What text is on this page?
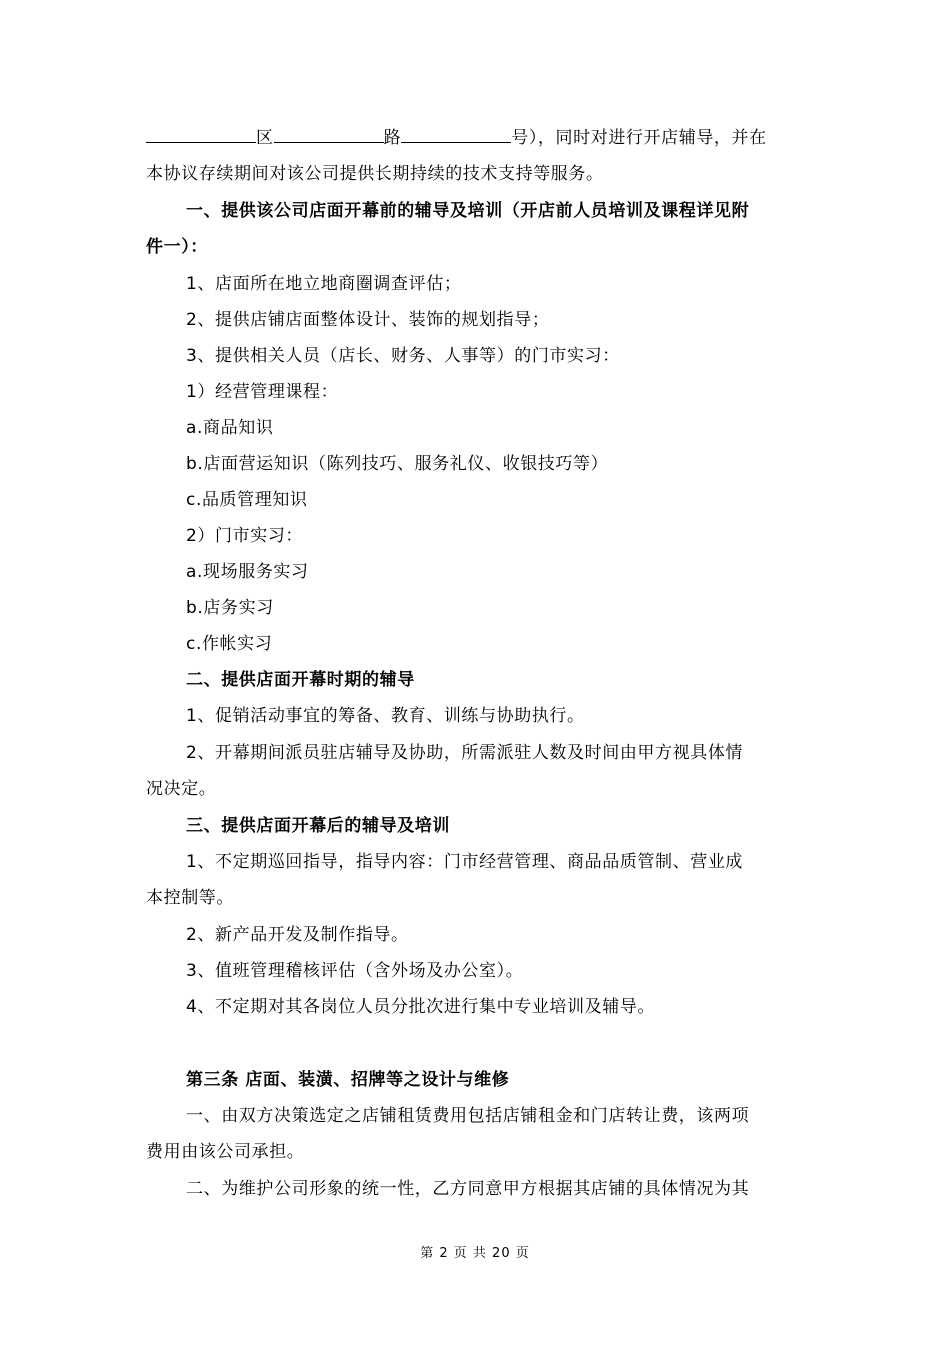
区	路	号），同时对进行开店辅导，并在
本协议存续期间对该公司提供长期持续的技术支持等服务。
一、提供该公司店面开幕前的辅导及培训（开店前人员培训及课程详见附
件一）：
1、店面所在地立地商圈调查评估；
2、提供店铺店面整体设计、装饰的规划指导；
3、提供相关人员（店长、财务、人事等）的门市实习：
1）经营管理课程：
a.商品知识
b.店面营运知识（陈列技巧、服务礼仪、收银技巧等）
c.品质管理知识
2）门市实习：
a.现场服务实习
b.店务实习
c.作帐实习
二、提供店面开幕时期的辅导
1、促销活动事宜的筹备、教育、训练与协助执行。
2、开幕期间派员驻店辅导及协助，所需派驻人数及时间由甲方视具体情
况决定。
三、提供店面开幕后的辅导及培训
1、不定期巡回指导，指导内容：门市经营管理、商品品质管制、营业成
本控制等。
2、新产品开发及制作指导。
3、值班管理稽核评估（含外场及办公室）。
4、不定期对其各岗位人员分批次进行集中专业培训及辅导。
第三条 店面、装潢、招牌等之设计与维修
一、由双方决策选定之店铺租赁费用包括店铺租金和门店转让费，该两项
费用由该公司承担。
二、为维护公司形象的统一性，乙方同意甲方根据其店铺的具体情况为其
第 2 页 共 20 页
